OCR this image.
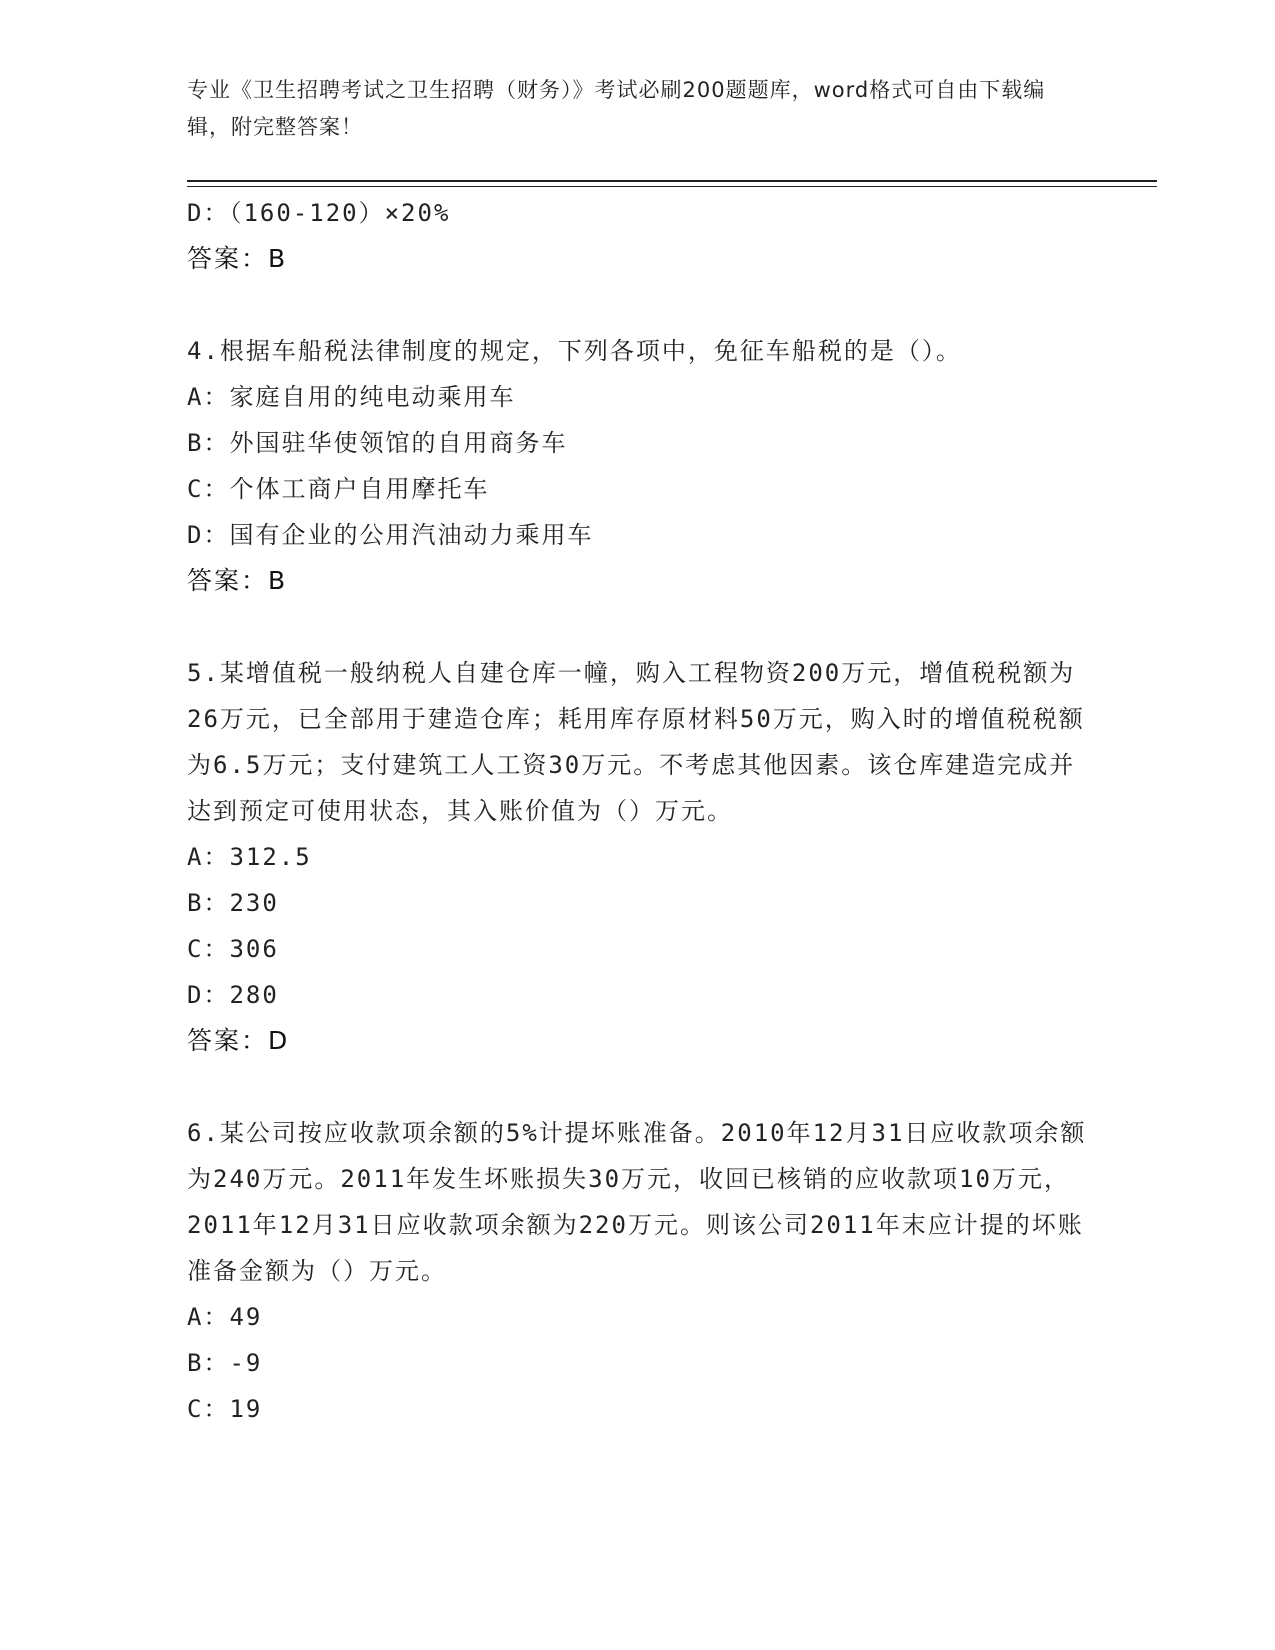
专业《卫生招聘考试之卫生招聘（财务）》考试必刷200题题库，word格式可自由下载编辑，附完整答案！
D：（160-120）×20%
答案：B
4.根据车船税法律制度的规定，下列各项中，免征车船税的是（）。
A：家庭自用的纯电动乘用车
B：外国驻华使领馆的自用商务车
C：个体工商户自用摩托车
D：国有企业的公用汽油动力乘用车
答案：B
5.某增值税一般纳税人自建仓库一幢，购入工程物资200万元，增值税税额为26万元，已全部用于建造仓库；耗用库存原材料50万元，购入时的增值税税额为6.5万元；支付建筑工人工资30万元。不考虑其他因素。该仓库建造完成并达到预定可使用状态，其入账价值为（）万元。
A：312.5
B：230
C：306
D：280
答案：D
6.某公司按应收款项余额的5%计提坏账准备。2010年12月31日应收款项余额为240万元。2011年发生坏账损失30万元，收回已核销的应收款项10万元，2011年12月31日应收款项余额为220万元。则该公司2011年末应计提的坏账准备金额为（）万元。
A：49
B：-9
C：19
